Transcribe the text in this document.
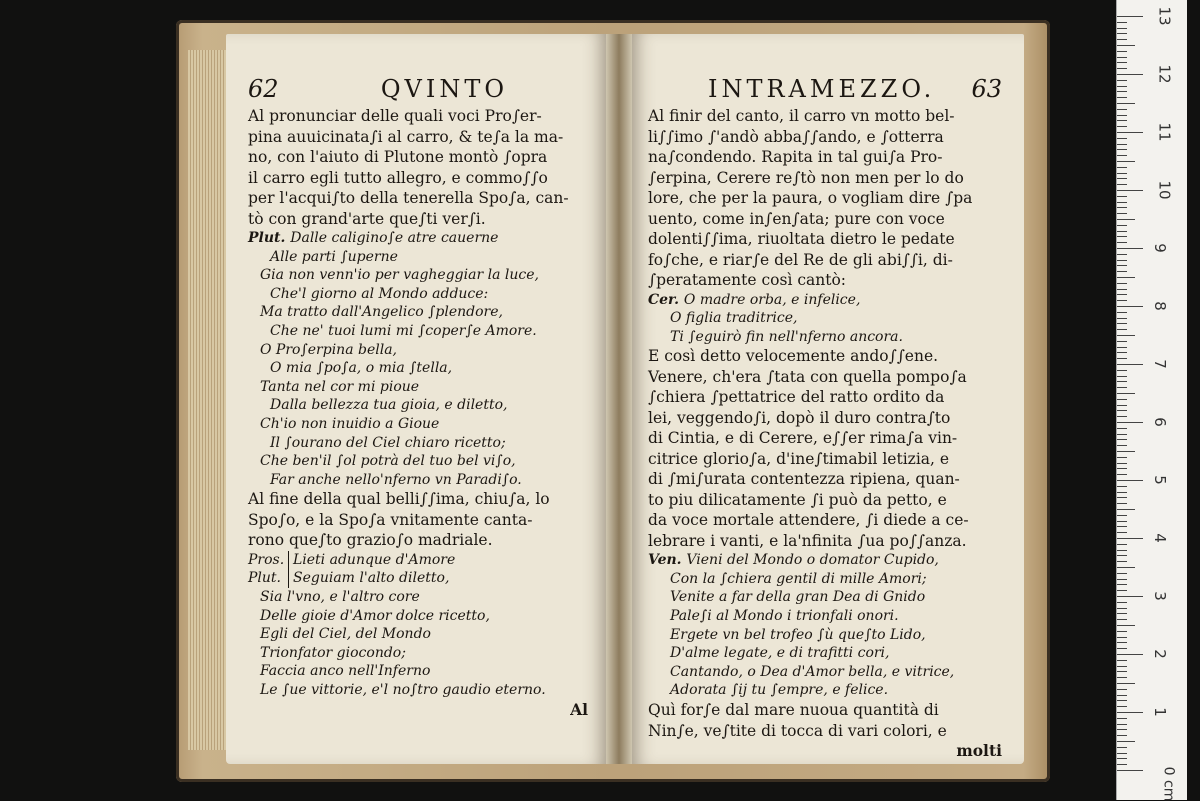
62	QVINTO
Al pronunciar delle quali voci Pro∫er-
pina auuicinata∫i al carro, & te∫a la ma-
no, con l'aiuto di Plutone montò ∫opra
il carro egli tutto allegro, e commo∫∫o
per l'acqui∫to della tenerella Spo∫a, can-
tò con grand'arte que∫ti ver∫i.
Plut. Dalle caligino∫e atre cauerne
Alle parti ∫uperne
Gia non venn'io per vagheggiar la luce,
Che'l giorno al Mondo adduce:
Ma tratto dall'Angelico ∫plendore,
Che ne' tuoi lumi mi ∫coper∫e Amore.
O Pro∫erpina bella,
O mia ∫po∫a, o mia ∫tella,
Tanta nel cor mi pioue
Dalla bellezza tua gioia, e diletto,
Ch'io non inuidio a Gioue
Il ∫ourano del Ciel chiaro ricetto;
Che ben'il ∫ol potrà del tuo bel vi∫o,
Far anche nello'nferno vn Paradi∫o.
Al fine della qual belli∫∫ima, chiu∫a, lo
Spo∫o, e la Spo∫a vnitamente canta-
rono que∫to grazio∫o madriale.
Pros.
Plut.
Lieti adunque d'Amore
Seguiam l'alto diletto,
Sia l'vno, e l'altro core
Delle gioie d'Amor dolce ricetto,
Egli del Ciel, del Mondo
Trionfator giocondo;
Faccia anco nell'Inferno
Le ∫ue vittorie, e'l no∫tro gaudio eterno.
Al
INTRAMEZZO. 63
Al finir del canto, il carro vn motto bel-
li∫∫imo ∫'andò abba∫∫ando, e ∫otterra
na∫condendo. Rapita in tal gui∫a Pro-
∫erpina, Cerere re∫tò non men per lo do
lore, che per la paura, o vogliam dire ∫pa
uento, come in∫en∫ata; pure con voce
dolenti∫∫ima, riuoltata dietro le pedate
fo∫che, e riar∫e del Re de gli abi∫∫i, di-
∫peratamente così cantò:
Cer. O madre orba, e infelice,
O figlia traditrice,
Ti ∫eguirò fin nell'nferno ancora.
E così detto velocemente ando∫∫ene.
Venere, ch'era ∫tata con quella pompo∫a
∫chiera ∫pettatrice del ratto ordito da
lei, veggendo∫i, dopò il duro contra∫to
di Cintia, e di Cerere, e∫∫er rima∫a vin-
citrice glorio∫a, d'ine∫timabil letizia, e
di ∫mi∫urata contentezza ripiena, quan-
to piu dilicatamente ∫i può da petto, e
da voce mortale attendere, ∫i diede a ce-
lebrare i vanti, e la'nfinita ∫ua po∫∫anza.
Ven. Vieni del Mondo o domator Cupido,
Con la ∫chiera gentil di mille Amori;
Venite a far della gran Dea di Gnido
Pale∫i al Mondo i trionfali onori.
Ergete vn bel trofeo ∫ù que∫to Lido,
D'alme legate, e di trafitti cori,
Cantando, o Dea d'Amor bella, e vitrice,
Adorata ∫ij tu ∫empre, e felice.
Quì for∫e dal mare nuoua quantità di
Nin∫e, ve∫tite di tocca di vari colori, e
molti
0 cm
1
2
3
4
5
6
7
8
9
10
11
12
13
